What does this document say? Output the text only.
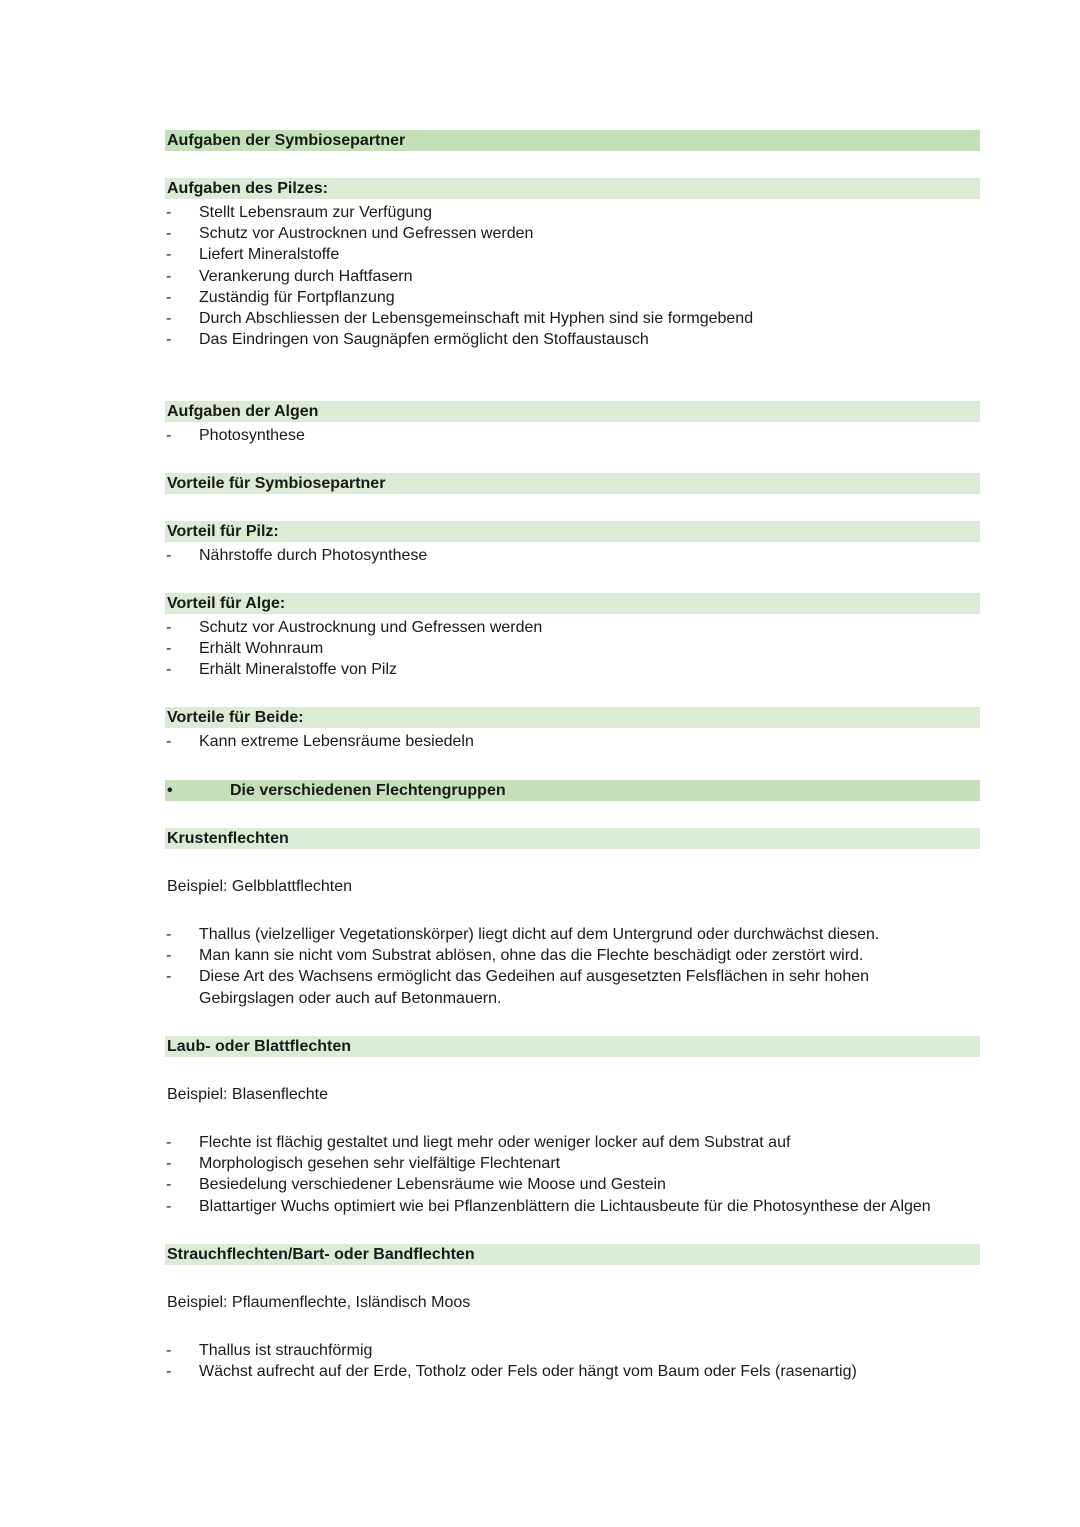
Aufgaben der Symbiosepartner
Aufgaben des Pilzes:
- Stellt Lebensraum zur Verfügung
- Schutz vor Austrocknen und Gefressen werden
- Liefert Mineralstoffe
- Verankerung durch Haftfasern
- Zuständig für Fortpflanzung
- Durch Abschliessen der Lebensgemeinschaft mit Hyphen sind sie formgebend
- Das Eindringen von Saugnäpfen ermöglicht den Stoffaustausch
Aufgaben der Algen
- Photosynthese
Vorteile für Symbiosepartner
Vorteil für Pilz:
- Nährstoffe durch Photosynthese
Vorteil für Alge:
- Schutz vor Austrocknung und Gefressen werden
- Erhält Wohnraum
- Erhält Mineralstoffe von Pilz
Vorteile für Beide:
- Kann extreme Lebensräume besiedeln
•	Die verschiedenen Flechtengruppen
Krustenflechten
Beispiel: Gelbblattflechten
- Thallus (vielzelliger Vegetationskörper) liegt dicht auf dem Untergrund oder durchwächst diesen.
- Man kann sie nicht vom Substrat ablösen, ohne das die Flechte beschädigt oder zerstört wird.
- Diese Art des Wachsens ermöglicht das Gedeihen auf ausgesetzten Felsflächen in sehr hohen Gebirgslagen oder auch auf Betonmauern.
Laub- oder Blattflechten
Beispiel: Blasenflechte
- Flechte ist flächig gestaltet und liegt mehr oder weniger locker auf dem Substrat auf
- Morphologisch gesehen sehr vielfältige Flechtenart
- Besiedelung verschiedener Lebensräume wie Moose und Gestein
- Blattartiger Wuchs optimiert wie bei Pflanzenblättern die Lichtausbeute für die Photosynthese der Algen
Strauchflechten/Bart- oder Bandflechten
Beispiel: Pflaumenflechte, Isländisch Moos
- Thallus ist strauchförmig
- Wächst aufrecht auf der Erde, Totholz oder Fels oder hängt vom Baum oder Fels (rasenartig)
